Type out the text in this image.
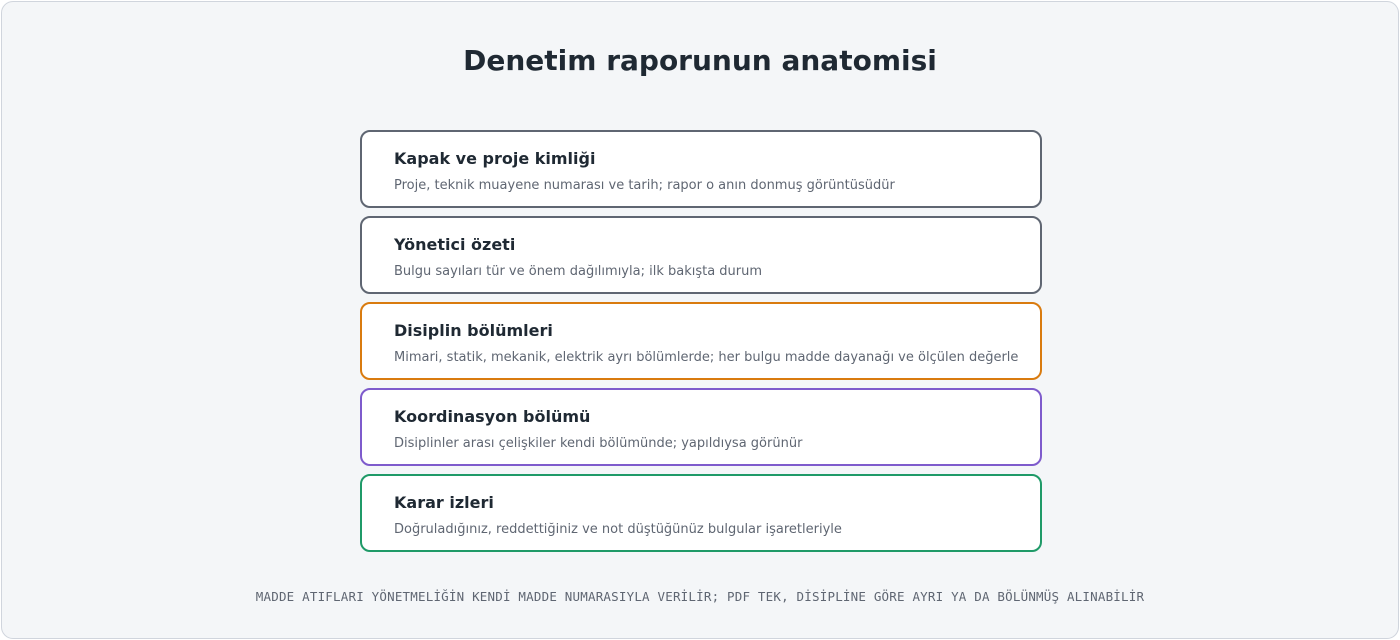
Denetim raporunun anatomisi
Kapak ve proje kimliği
Proje, teknik muayene numarası ve tarih; rapor o anın donmuş görüntüsüdür
Yönetici özeti
Bulgu sayıları tür ve önem dağılımıyla; ilk bakışta durum
Disiplin bölümleri
Mimari, statik, mekanik, elektrik ayrı bölümlerde; her bulgu madde dayanağı ve ölçülen değerle
Koordinasyon bölümü
Disiplinler arası çelişkiler kendi bölümünde; yapıldıysa görünür
Karar izleri
Doğruladığınız, reddettiğiniz ve not düştüğünüz bulgular işaretleriyle
MADDE ATIFLARI YÖNETMELİĞİN KENDİ MADDE NUMARASIYLA VERİLİR; PDF TEK, DİSİPLİNE GÖRE AYRI YA DA BÖLÜNMÜŞ ALINABİLİR
